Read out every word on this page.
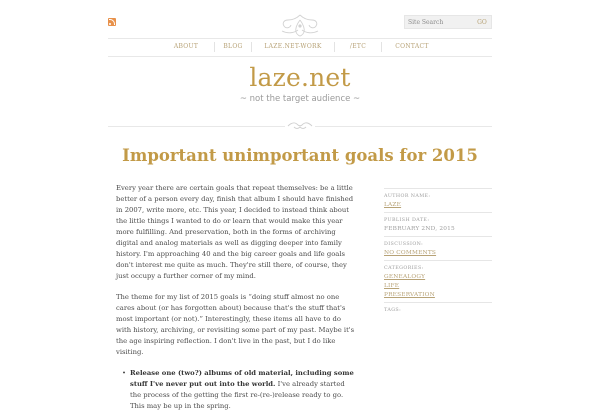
Site Search
GO
ABOUT	BLOG	LAZE.NET-WORK	/ETC	CONTACT
laze.net
~ not the target audience ~
Important unimportant goals for 2015

Every year there are certain goals that repeat themselves: be a little better of a person every day, finish that album I should have finished in 2007, write more, etc. This year, I decided to instead think about the little things I wanted to do or learn that would make this year more fulfilling. And preservation, both in the forms of archiving digital and analog materials as well as digging deeper into family history. I'm approaching 40 and the big career goals and life goals don't interest me quite as much. They're still there, of course, they just occupy a further corner of my mind.

The theme for my list of 2015 goals is “doing stuff almost no one cares about (or has forgotten about) because that's the stuff that's most important (or not).” Interestingly, these items all have to do with history, archiving, or revisiting some part of my past. Maybe it's the age inspiring reflection. I don't live in the past, but I do like visiting.

• Release one (two?) albums of old material, including some stuff I've never put out into the world. I've already started the process of the getting the first re-(re-)release ready to go. This may be up in the spring.
AUTHOR NAME:
LAZE
PUBLISH DATE:
FEBRUARY 2ND, 2015
DISCUSSION:
NO COMMENTS
CATEGORIES:
GENEALOGY
LIFE
PRESERVATION
TAGS:
